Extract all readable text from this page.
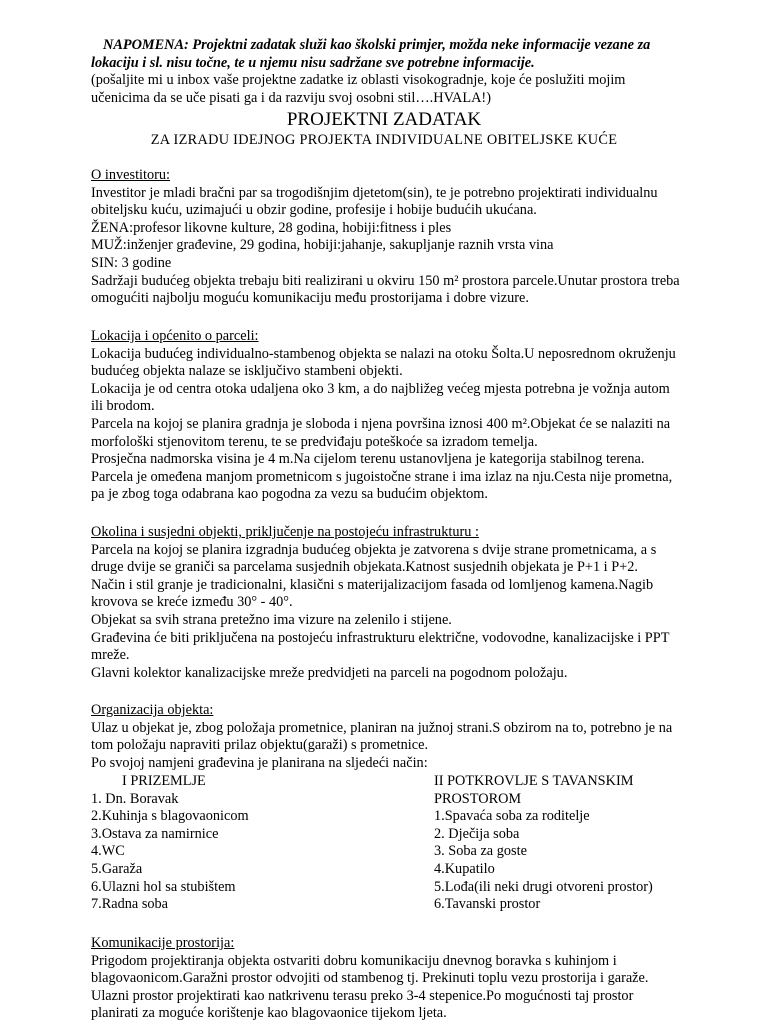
NAPOMENA: Projektni zadatak služi kao školski primjer, možda neke informacije vezane za
lokaciju i sl. nisu točne, te u njemu nisu sadržane sve potrebne informacije.
(pošaljite mi u inbox vaše projektne zadatke iz oblasti visokogradnje, koje će poslužiti mojim
učenicima da se uče pisati ga i da razviju svoj osobni stil….HVALA!)
PROJEKTNI ZADATAK
ZA IZRADU IDEJNOG PROJEKTA INDIVIDUALNE OBITELJSKE KUĆE
O investitoru:
Investitor je mladi bračni par sa trogodišnjim djetetom(sin), te je potrebno projektirati individualnu
obiteljsku kuću, uzimajući u obzir godine, profesije i hobije budućih ukućana.
ŽENA:profesor likovne kulture, 28 godina, hobiji:fitness i ples
MUŽ:inženjer građevine, 29 godina, hobiji:jahanje, sakupljanje raznih vrsta vina
SIN: 3 godine
Sadržaji budućeg objekta trebaju biti realizirani u okviru 150 m² prostora parcele.Unutar prostora treba
omogućiti najbolju moguću komunikaciju među prostorijama i dobre vizure.
Lokacija i općenito o parceli:
Lokacija budućeg individualno-stambenog objekta se nalazi na otoku Šolta.U neposrednom okruženju
budućeg objekta nalaze se isključivo stambeni objekti.
Lokacija je od centra otoka udaljena oko 3 km, a do najbližeg većeg mjesta potrebna je vožnja autom
ili brodom.
Parcela na kojoj se planira gradnja je sloboda i njena površina iznosi 400 m².Objekat će se nalaziti na
morfološki stjenovitom terenu, te se predviđaju poteškoće sa izradom temelja.
Prosječna nadmorska visina je 4 m.Na cijelom terenu ustanovljena je kategorija stabilnog terena.
Parcela je omeđena manjom prometnicom s jugoistočne strane i ima izlaz na nju.Cesta nije prometna,
pa je zbog toga odabrana kao pogodna za vezu sa budućim objektom.
Okolina i susjedni objekti, priključenje na postojeću infrastrukturu :
Parcela na kojoj se planira izgradnja budućeg objekta je zatvorena s dvije strane prometnicama, a s
druge dvije se graniči sa parcelama susjednih objekata.Katnost susjednih objekata je P+1 i P+2.
Način i stil granje je tradicionalni, klasični s materijalizacijom fasada od lomljenog kamena.Nagib
krovova se kreće između 30° - 40°.
Objekat sa svih strana pretežno ima vizure na zelenilo i stijene.
Građevina će biti priključena na postojeću infrastrukturu električne, vodovodne, kanalizacijske i PPT
mreže.
Glavni kolektor kanalizacijske mreže predvidjeti na parceli na pogodnom položaju.
Organizacija objekta:
Ulaz u objekat je, zbog položaja prometnice, planiran na južnoj strani.S obzirom na to, potrebno je na
tom položaju napraviti prilaz objektu(garaži) s prometnice.
Po svojoj namjeni građevina je planirana na sljedeći način:
I PRIZEMLJE
1. Dn. Boravak
2.Kuhinja s blagovaonicom
3.Ostava za namirnice
4.WC
5.Garaža
6.Ulazni hol sa stubištem
7.Radna soba
II POTKROVLJE S TAVANSKIM
PROSTOROM
1.Spavaća soba za roditelje
2. Dječija soba
3. Soba za goste
4.Kupatilo
5.Lođa(ili neki drugi otvoreni prostor)
6.Tavanski prostor
Komunikacije prostorija:
Prigodom projektiranja objekta ostvariti dobru komunikaciju dnevnog boravka s kuhinjom i
blagovaonicom.Garažni prostor odvojiti od stambenog tj. Prekinuti toplu vezu prostorija i garaže.
Ulazni prostor projektirati kao natkrivenu terasu preko 3-4 stepenice.Po mogućnosti taj prostor
planirati za moguće korištenje kao blagovaonice tijekom ljeta.
